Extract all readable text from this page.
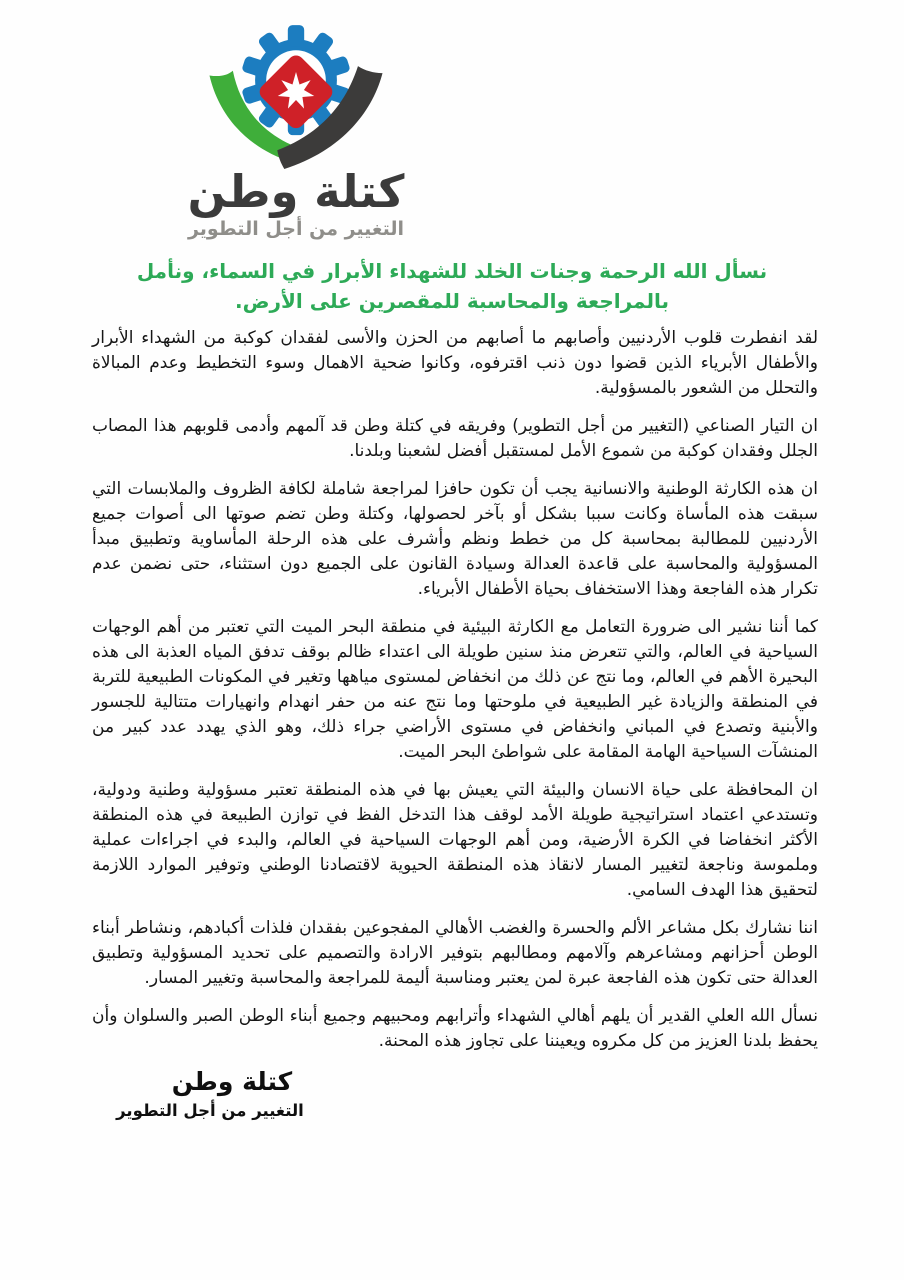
كتلة وطن
التغيير من أجل التطوير
نسأل الله الرحمة وجنات الخلد للشهداء الأبرار في السماء، ونأمل بالمراجعة والمحاسبة للمقصرين على الأرض.

لقد انفطرت قلوب الأردنيين وأصابهم ما أصابهم من الحزن والأسى لفقدان كوكبة من الشهداء الأبرار والأطفال الأبرياء الذين قضوا دون ذنب اقترفوه، وكانوا ضحية الاهمال وسوء التخطيط وعدم المبالاة والتحلل من الشعور بالمسؤولية.

ان التيار الصناعي (التغيير من أجل التطوير) وفريقه في كتلة وطن قد آلمهم وأدمى قلوبهم هذا المصاب الجلل وفقدان كوكبة من شموع الأمل لمستقبل أفضل لشعبنا وبلدنا.

ان هذه الكارثة الوطنية والانسانية يجب أن تكون حافزا لمراجعة شاملة لكافة الظروف والملابسات التي سبقت هذه المأساة وكانت سببا بشكل أو بآخر لحصولها، وكتلة وطن تضم صوتها الى أصوات جميع الأردنيين للمطالبة بمحاسبة كل من خطط ونظم وأشرف على هذه الرحلة المأساوية وتطبيق مبدأ المسؤولية والمحاسبة على قاعدة العدالة وسيادة القانون على الجميع دون استثناء، حتى نضمن عدم تكرار هذه الفاجعة وهذا الاستخفاف بحياة الأطفال الأبرياء.

كما أننا نشير الى ضرورة التعامل مع الكارثة البيئية في منطقة البحر الميت التي تعتبر من أهم الوجهات السياحية في العالم، والتي تتعرض منذ سنين طويلة الى اعتداء ظالم بوقف تدفق المياه العذبة الى هذه البحيرة الأهم في العالم، وما نتج عن ذلك من انخفاض لمستوى مياهها وتغير في المكونات الطبيعية للتربة في المنطقة والزيادة غير الطبيعية في ملوحتها وما نتج عنه من حفر انهدام وانهيارات متتالية للجسور والأبنية وتصدع في المباني وانخفاض في مستوى الأراضي جراء ذلك، وهو الذي يهدد عدد كبير من المنشآت السياحية الهامة المقامة على شواطئ البحر الميت.

ان المحافظة على حياة الانسان والبيئة التي يعيش بها في هذه المنطقة تعتبر مسؤولية وطنية ودولية، وتستدعي اعتماد استراتيجية طويلة الأمد لوقف هذا التدخل الفظ في توازن الطبيعة في هذه المنطقة الأكثر انخفاضا في الكرة الأرضية، ومن أهم الوجهات السياحية في العالم، والبدء في اجراءات عملية وملموسة وناجعة لتغيير المسار لانقاذ هذه المنطقة الحيوية لاقتصادنا الوطني وتوفير الموارد اللازمة لتحقيق هذا الهدف السامي.

اننا نشارك بكل مشاعر الألم والحسرة والغضب الأهالي المفجوعين بفقدان فلذات أكبادهم، ونشاطر أبناء الوطن أحزانهم ومشاعرهم وآلامهم ومطالبهم بتوفير الارادة والتصميم على تحديد المسؤولية وتطبيق العدالة حتى تكون هذه الفاجعة عبرة لمن يعتبر ومناسبة أليمة للمراجعة والمحاسبة وتغيير المسار.

نسأل الله العلي القدير أن يلهم أهالي الشهداء وأترابهم ومحبيهم وجميع أبناء الوطن الصبر والسلوان وأن يحفظ بلدنا العزيز من كل مكروه ويعيننا على تجاوز هذه المحنة.

كتلة وطن
التغيير من أجل التطوير
